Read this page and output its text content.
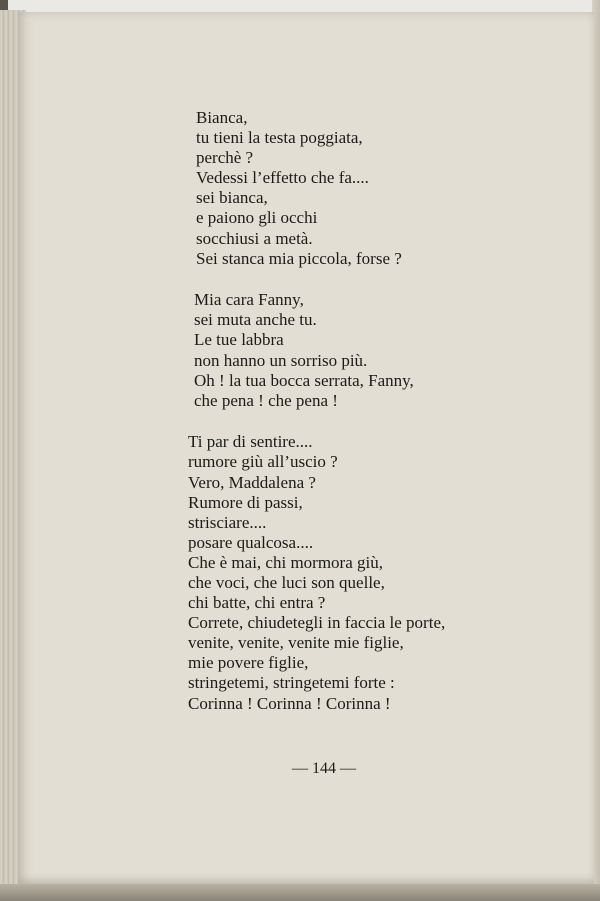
Bianca,
tu tieni la testa poggiata,
perchè ?
Vedessi l’effetto che fa....
sei bianca,
e paiono gli occhi
socchiusi a metà.
Sei stanca mia piccola, forse ?
Mia cara Fanny,
sei muta anche tu.
Le tue labbra
non hanno un sorriso più.
Oh ! la tua bocca serrata, Fanny,
che pena ! che pena !
Ti par di sentire....
rumore giù all’uscio ?
Vero, Maddalena ?
Rumore di passi,
strisciare....
posare qualcosa....
Che è mai, chi mormora giù,
che voci, che luci son quelle,
chi batte, chi entra ?
Correte, chiudetegli in faccia le porte,
venite, venite, venite mie figlie,
mie povere figlie,
stringetemi, stringetemi forte :
Corinna ! Corinna ! Corinna !
— 144 —
